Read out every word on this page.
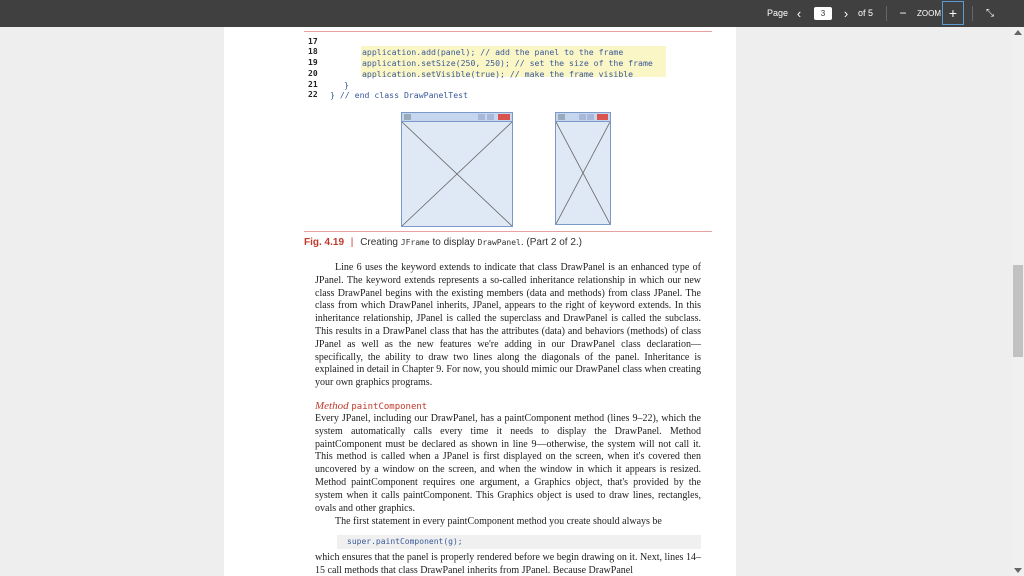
Page ‹	3	›	of 5 −	ZOOM +	⤡
17
18
19
20
21
22
application.add(panel); // add the panel to the frame
application.setSize(250, 250); // set the size of the frame
application.setVisible(true); // make the frame visible
}
} // end class DrawPanelTest
Fig. 4.19 | Creating JFrame to display DrawPanel. (Part 2 of 2.)
Line 6 uses the keyword extends to indicate that class DrawPanel is an enhanced type of JPanel. The keyword extends represents a so-called inheritance relationship in which our new class DrawPanel begins with the existing members (data and methods) from class JPanel. The class from which DrawPanel inherits, JPanel, appears to the right of keyword extends. In this inheritance relationship, JPanel is called the superclass and DrawPanel is called the subclass. This results in a DrawPanel class that has the attributes (data) and behaviors (methods) of class JPanel as well as the new features we're adding in our DrawPanel class declaration—specifically, the ability to draw two lines along the diagonals of the panel. Inheritance is explained in detail in Chapter 9. For now, you should mimic our DrawPanel class when creating your own graphics programs.
Method paintComponent
Every JPanel, including our DrawPanel, has a paintComponent method (lines 9–22), which the system automatically calls every time it needs to display the DrawPanel. Method paintComponent must be declared as shown in line 9—otherwise, the system will not call it. This method is called when a JPanel is first displayed on the screen, when it's covered then uncovered by a window on the screen, and when the window in which it appears is resized. Method paintComponent requires one argument, a Graphics object, that's provided by the system when it calls paintComponent. This Graphics object is used to draw lines, rectangles, ovals and other graphics.
The first statement in every paintComponent method you create should always be
super.paintComponent(g);
which ensures that the panel is properly rendered before we begin drawing on it. Next, lines 14–15 call methods that class DrawPanel inherits from JPanel. Because DrawPanel
